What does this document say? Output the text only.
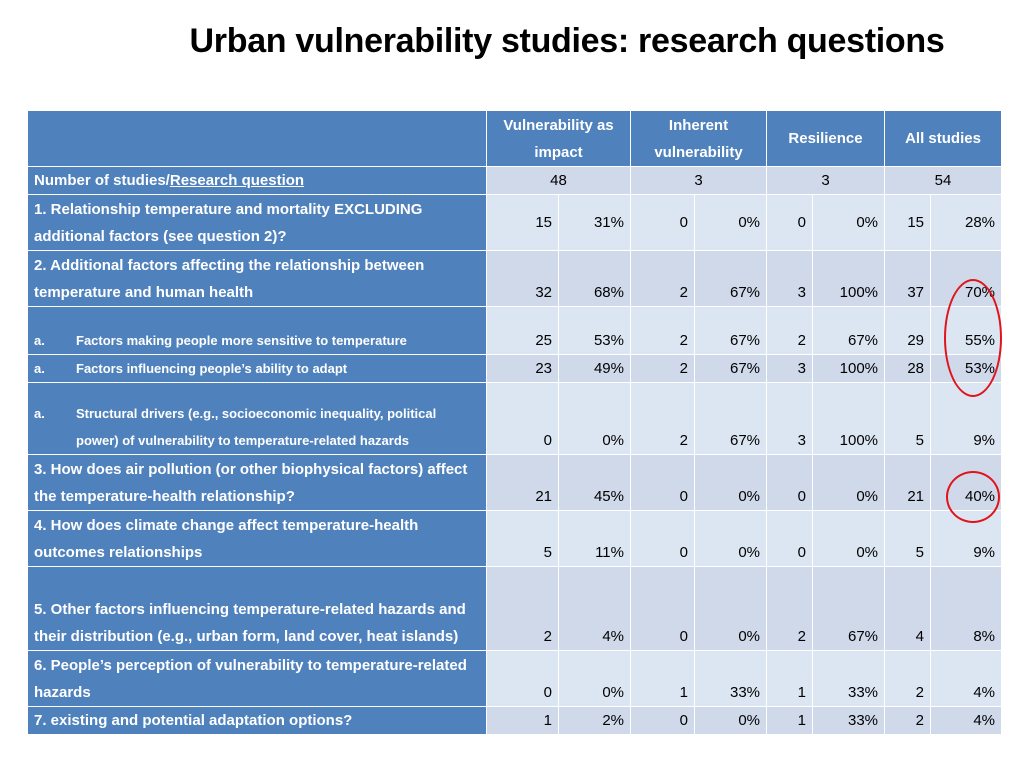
Urban vulnerability studies: research questions
	Vulnerability as impact		Inherent vulnerability		Resilience		All studies	
Number of studies/Research question	48		3		3		54	
1. Relationship temperature and mortality EXCLUDING additional factors (see question 2)?	15	31%	0	0%	0	0%	15	28%
2. Additional factors affecting the relationship between temperature and human health	32	68%	2	67%	3	100%	37	70%

a. Factors making people more sensitive to temperature	25	53%	2	67%	2	67%	29	55%

a. Factors influencing people’s ability to adapt	23	49%	2	67%	3	100%	28	53%

a. Structural drivers (e.g., socioeconomic inequality, political power) of vulnerability to temperature-related hazards	0	0%	2	67%	3	100%	5	9%
3. How does air pollution (or other biophysical factors) affect the temperature-health relationship?	21	45%	0	0%	0	0%	21	40%
4. How does climate change affect temperature-health outcomes relationships	5	11%	0	0%	0	0%	5	9%
5. Other factors influencing temperature-related hazards and their distribution (e.g., urban form, land cover, heat islands)	2	4%	0	0%	2	67%	4	8%
6. People’s perception of vulnerability to temperature-related hazards	0	0%	1	33%	1	33%	2	4%
7. existing and potential adaptation options?	1	2%	0	0%	1	33%	2	4%
